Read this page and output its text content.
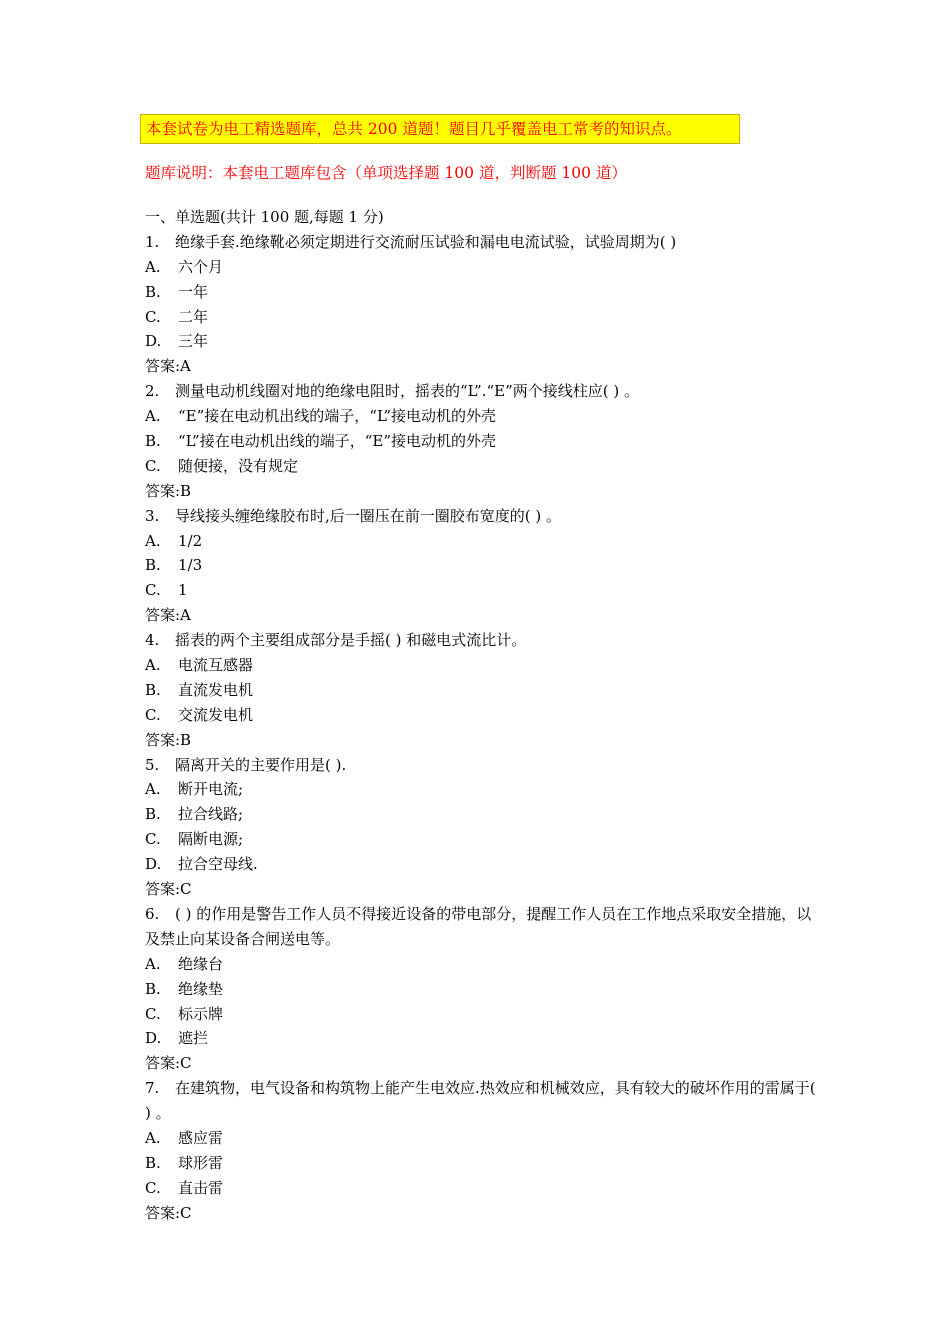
本套试卷为电工精选题库，总共 200 道题！题目几乎覆盖电工常考的知识点。
题库说明：本套电工题库包含（单项选择题 100 道，判断题 100 道）
一、单选题(共计 100 题,每题 1 分)
1. 绝缘手套.绝缘靴必须定期进行交流耐压试验和漏电电流试验，试验周期为( )
A. 六个月
B. 一年
C. 二年
D. 三年
答案:A
2. 测量电动机线圈对地的绝缘电阻时，摇表的“L”.“E”两个接线柱应( ) 。
A. “E”接在电动机出线的端子，“L”接电动机的外壳
B. “L”接在电动机出线的端子，“E”接电动机的外壳
C. 随便接，没有规定
答案:B
3. 导线接头缠绝缘胶布时,后一圈压在前一圈胶布宽度的( ) 。
A. 1/2
B. 1/3
C. 1
答案:A
4. 摇表的两个主要组成部分是手摇( ) 和磁电式流比计。
A. 电流互感器
B. 直流发电机
C. 交流发电机
答案:B
5. 隔离开关的主要作用是( ).
A. 断开电流;
B. 拉合线路;
C. 隔断电源;
D. 拉合空母线.
答案:C
6. ( ) 的作用是警告工作人员不得接近设备的带电部分，提醒工作人员在工作地点采取安全措施，以及禁止向某设备合闸送电等。
A. 绝缘台
B. 绝缘垫
C. 标示牌
D. 遮拦
答案:C
7. 在建筑物，电气设备和构筑物上能产生电效应.热效应和机械效应，具有较大的破坏作用的雷属于( ) 。
A. 感应雷
B. 球形雷
C. 直击雷
答案:C
